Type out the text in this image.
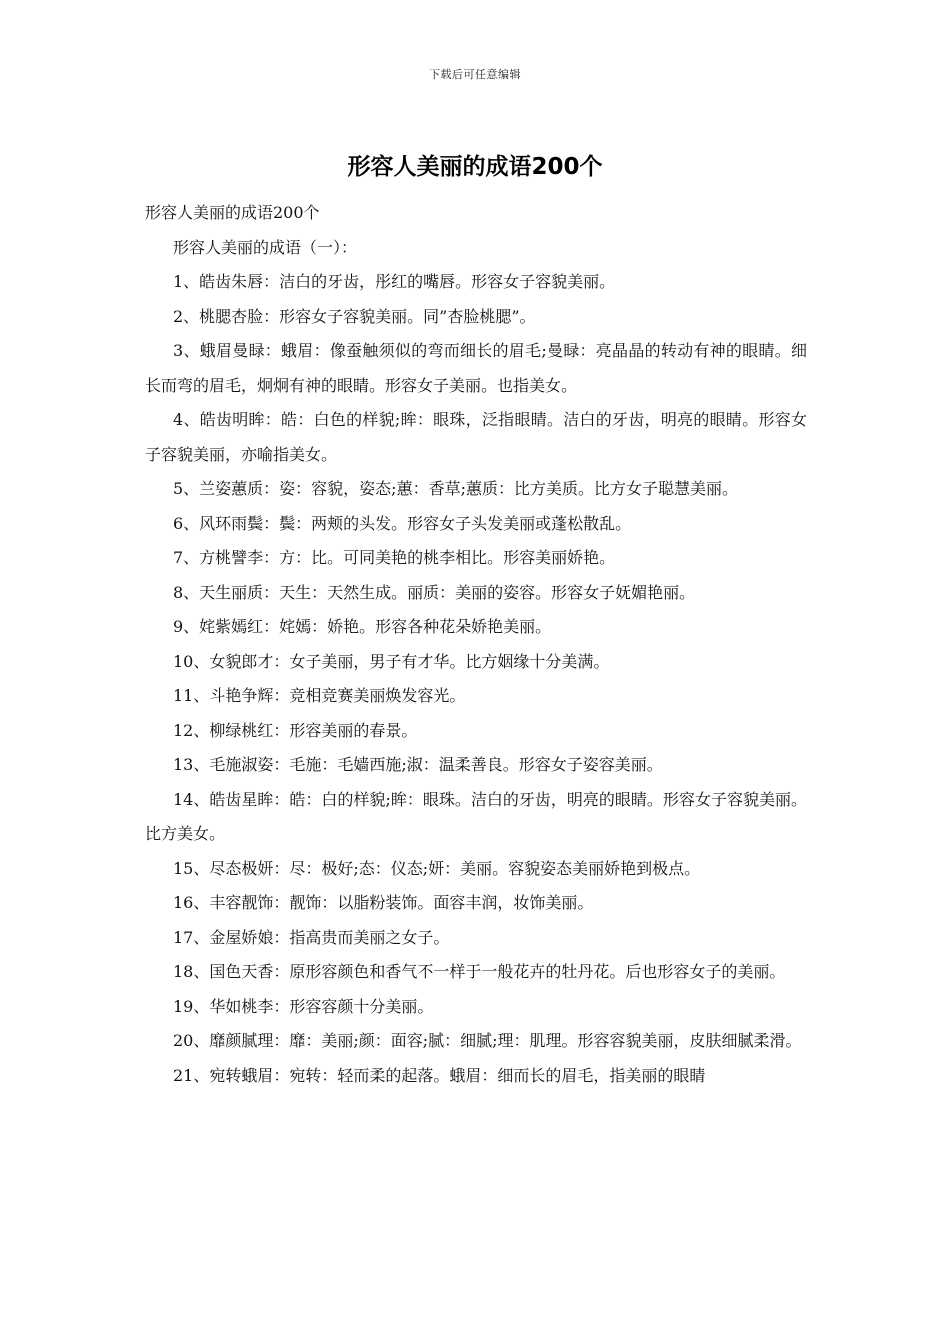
下载后可任意编辑
形容人美丽的成语200个

形容人美丽的成语200个

形容人美丽的成语（一）：

1、皓齿朱唇：洁白的牙齿，彤红的嘴唇。形容女子容貌美丽。

2、桃腮杏脸：形容女子容貌美丽。同”杏脸桃腮”。

3、蛾眉曼睩：蛾眉：像蚕触须似的弯而细长的眉毛;曼睩：亮晶晶的转动有神的眼睛。细长而弯的眉毛，炯炯有神的眼睛。形容女子美丽。也指美女。

4、皓齿明眸：皓：白色的样貌;眸：眼珠，泛指眼睛。洁白的牙齿，明亮的眼睛。形容女子容貌美丽，亦喻指美女。

5、兰姿蕙质：姿：容貌，姿态;蕙：香草;蕙质：比方美质。比方女子聪慧美丽。

6、风环雨鬓：鬓：两颊的头发。形容女子头发美丽或蓬松散乱。

7、方桃譬李：方：比。可同美艳的桃李相比。形容美丽娇艳。

8、天生丽质：天生：天然生成。丽质：美丽的姿容。形容女子妩媚艳丽。

9、姹紫嫣红：姹嫣：娇艳。形容各种花朵娇艳美丽。

10、女貌郎才：女子美丽，男子有才华。比方姻缘十分美满。

11、斗艳争辉：竞相竞赛美丽焕发容光。

12、柳绿桃红：形容美丽的春景。

13、毛施淑姿：毛施：毛嫱西施;淑：温柔善良。形容女子姿容美丽。

14、皓齿星眸：皓：白的样貌;眸：眼珠。洁白的牙齿，明亮的眼睛。形容女子容貌美丽。比方美女。

15、尽态极妍：尽：极好;态：仪态;妍：美丽。容貌姿态美丽娇艳到极点。

16、丰容靓饰：靓饰：以脂粉装饰。面容丰润，妆饰美丽。

17、金屋娇娘：指高贵而美丽之女子。

18、国色天香：原形容颜色和香气不一样于一般花卉的牡丹花。后也形容女子的美丽。

19、华如桃李：形容容颜十分美丽。

20、靡颜腻理：靡：美丽;颜：面容;腻：细腻;理：肌理。形容容貌美丽，皮肤细腻柔滑。

21、宛转蛾眉：宛转：轻而柔的起落。蛾眉：细而长的眉毛，指美丽的眼睛
